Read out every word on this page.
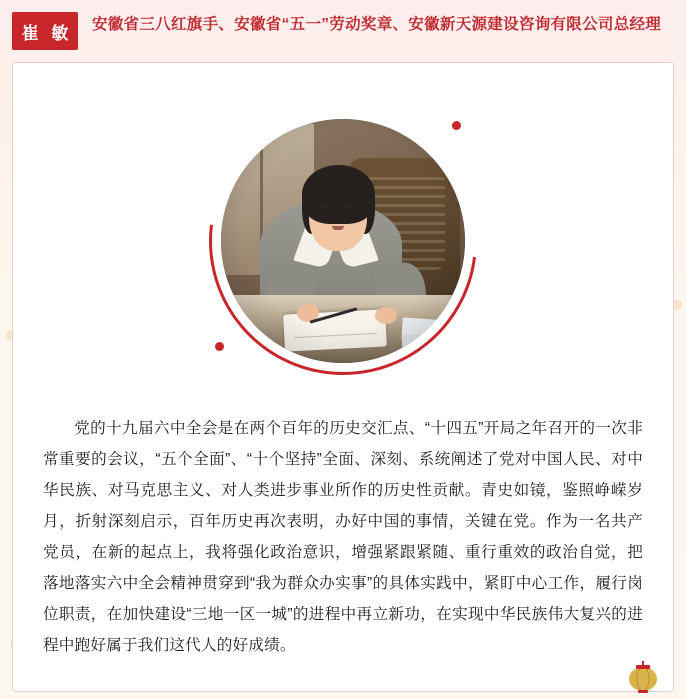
崔 敏	安徽省三八红旗手、安徽省“五一”劳动奖章、安徽新天源建设咨询有限公司总经理
党的十九届六中全会是在两个百年的历史交汇点、“十四五”开局之年召开的一次非常重要的会议，“五个全面”、“十个坚持”全面、深刻、系统阐述了党对中国人民、对中华民族、对马克思主义、对人类进步事业所作的历史性贡献。青史如镜，鉴照峥嵘岁月，折射深刻启示，百年历史再次表明，办好中国的事情，关键在党。作为一名共产党员，在新的起点上，我将强化政治意识，增强紧跟紧随、重行重效的政治自觉，把落地落实六中全会精神贯穿到“我为群众办实事”的具体实践中，紧盯中心工作，履行岗位职责，在加快建设“三地一区一城”的进程中再立新功，在实现中华民族伟大复兴的进程中跑好属于我们这代人的好成绩。
